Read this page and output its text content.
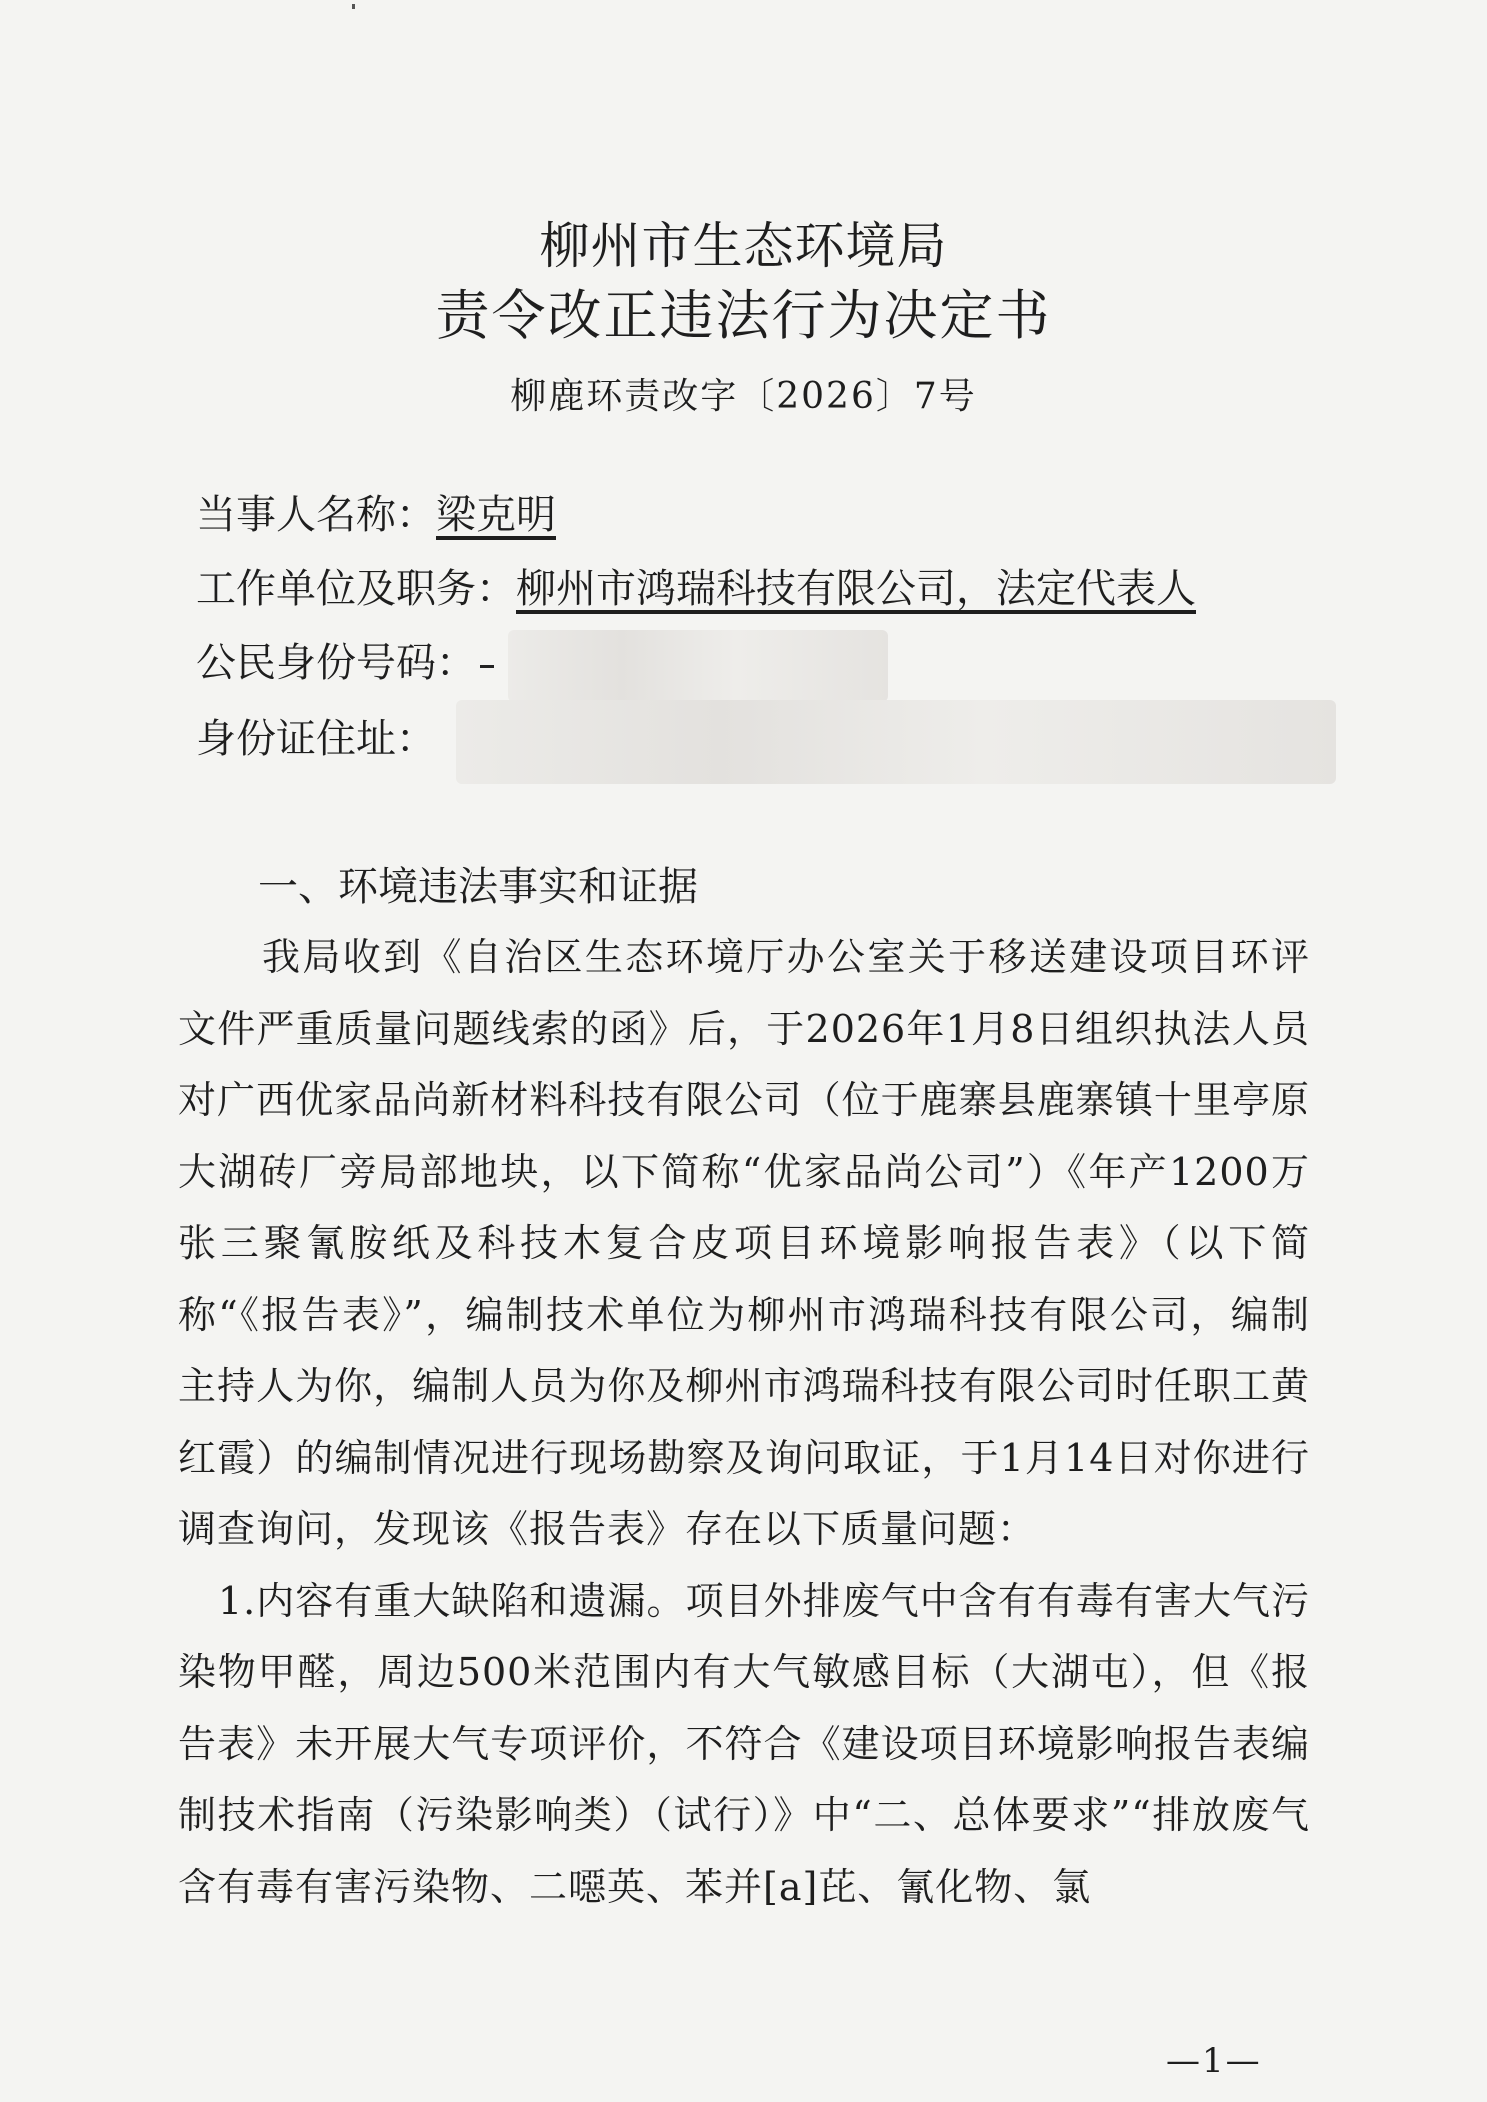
柳州市生态环境局
责令改正违法行为决定书
柳鹿环责改字〔2026〕7号
当事人名称：梁克明
工作单位及职务：柳州市鸿瑞科技有限公司，法定代表人
公民身份号码：
身份证住址：
一、环境违法事实和证据

我局收到《自治区生态环境厅办公室关于移送建设项目环评文件严重质量问题线索的函》后，于2026年1月8日组织执法人员对广西优家品尚新材料科技有限公司（位于鹿寨县鹿寨镇十里亭原大湖砖厂旁局部地块，以下简称“优家品尚公司”）《年产1200万张三聚氰胺纸及科技木复合皮项目环境影响报告表》（以下简称“《报告表》”，编制技术单位为柳州市鸿瑞科技有限公司，编制主持人为你，编制人员为你及柳州市鸿瑞科技有限公司时任职工黄红霞）的编制情况进行现场勘察及询问取证，于1月14日对你进行调查询问，发现该《报告表》存在以下质量问题：

1.内容有重大缺陷和遗漏。项目外排废气中含有有毒有害大气污染物甲醛，周边500米范围内有大气敏感目标（大湖屯），但《报告表》未开展大气专项评价，不符合《建设项目环境影响报告表编制技术指南（污染影响类）（试行）》中“二、总体要求”“排放废气含有毒有害污染物、二噁英、苯并[a]芘、氰化物、氯

—1—
